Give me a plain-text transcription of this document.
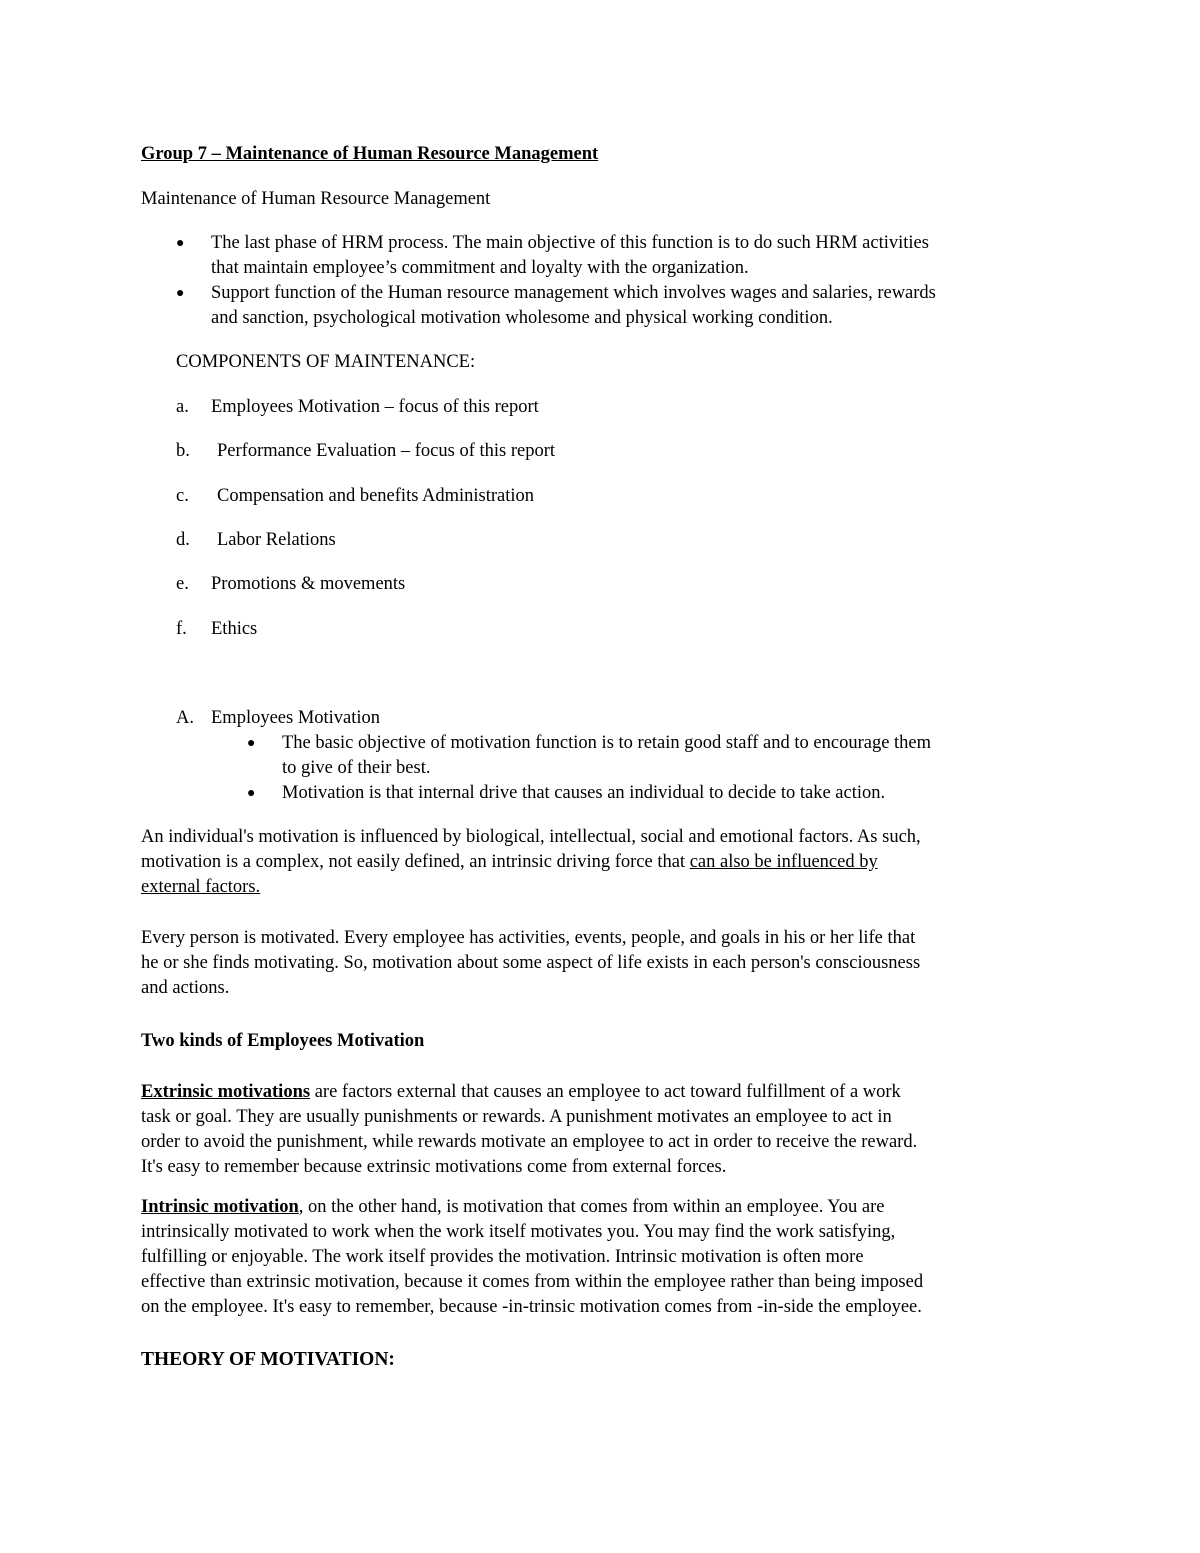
Group 7 – Maintenance of Human Resource Management
Maintenance of Human Resource Management
● The last phase of HRM process. The main objective of this function is to do such HRM activities
that maintain employee’s commitment and loyalty with the organization.
● Support function of the Human resource management which involves wages and salaries, rewards
and sanction, psychological motivation wholesome and physical working condition.
COMPONENTS OF MAINTENANCE:
a. Employees Motivation – focus of this report
b. Performance Evaluation – focus of this report
c. Compensation and benefits Administration
d. Labor Relations
e. Promotions & movements
f. Ethics
A. Employees Motivation
● The basic objective of motivation function is to retain good staff and to encourage them
to give of their best.
● Motivation is that internal drive that causes an individual to decide to take action.
An individual's motivation is influenced by biological, intellectual, social and emotional factors. As such,
motivation is a complex, not easily defined, an intrinsic driving force that can also be influenced by
external factors.
Every person is motivated. Every employee has activities, events, people, and goals in his or her life that
he or she finds motivating. So, motivation about some aspect of life exists in each person's consciousness
and actions.
Two kinds of Employees Motivation
Extrinsic motivations are factors external that causes an employee to act toward fulfillment of a work
task or goal. They are usually punishments or rewards. A punishment motivates an employee to act in
order to avoid the punishment, while rewards motivate an employee to act in order to receive the reward.
It's easy to remember because extrinsic motivations come from external forces.
Intrinsic motivation, on the other hand, is motivation that comes from within an employee. You are
intrinsically motivated to work when the work itself motivates you. You may find the work satisfying,
fulfilling or enjoyable. The work itself provides the motivation. Intrinsic motivation is often more
effective than extrinsic motivation, because it comes from within the employee rather than being imposed
on the employee. It's easy to remember, because -in-trinsic motivation comes from -in-side the employee.
THEORY OF MOTIVATION:
